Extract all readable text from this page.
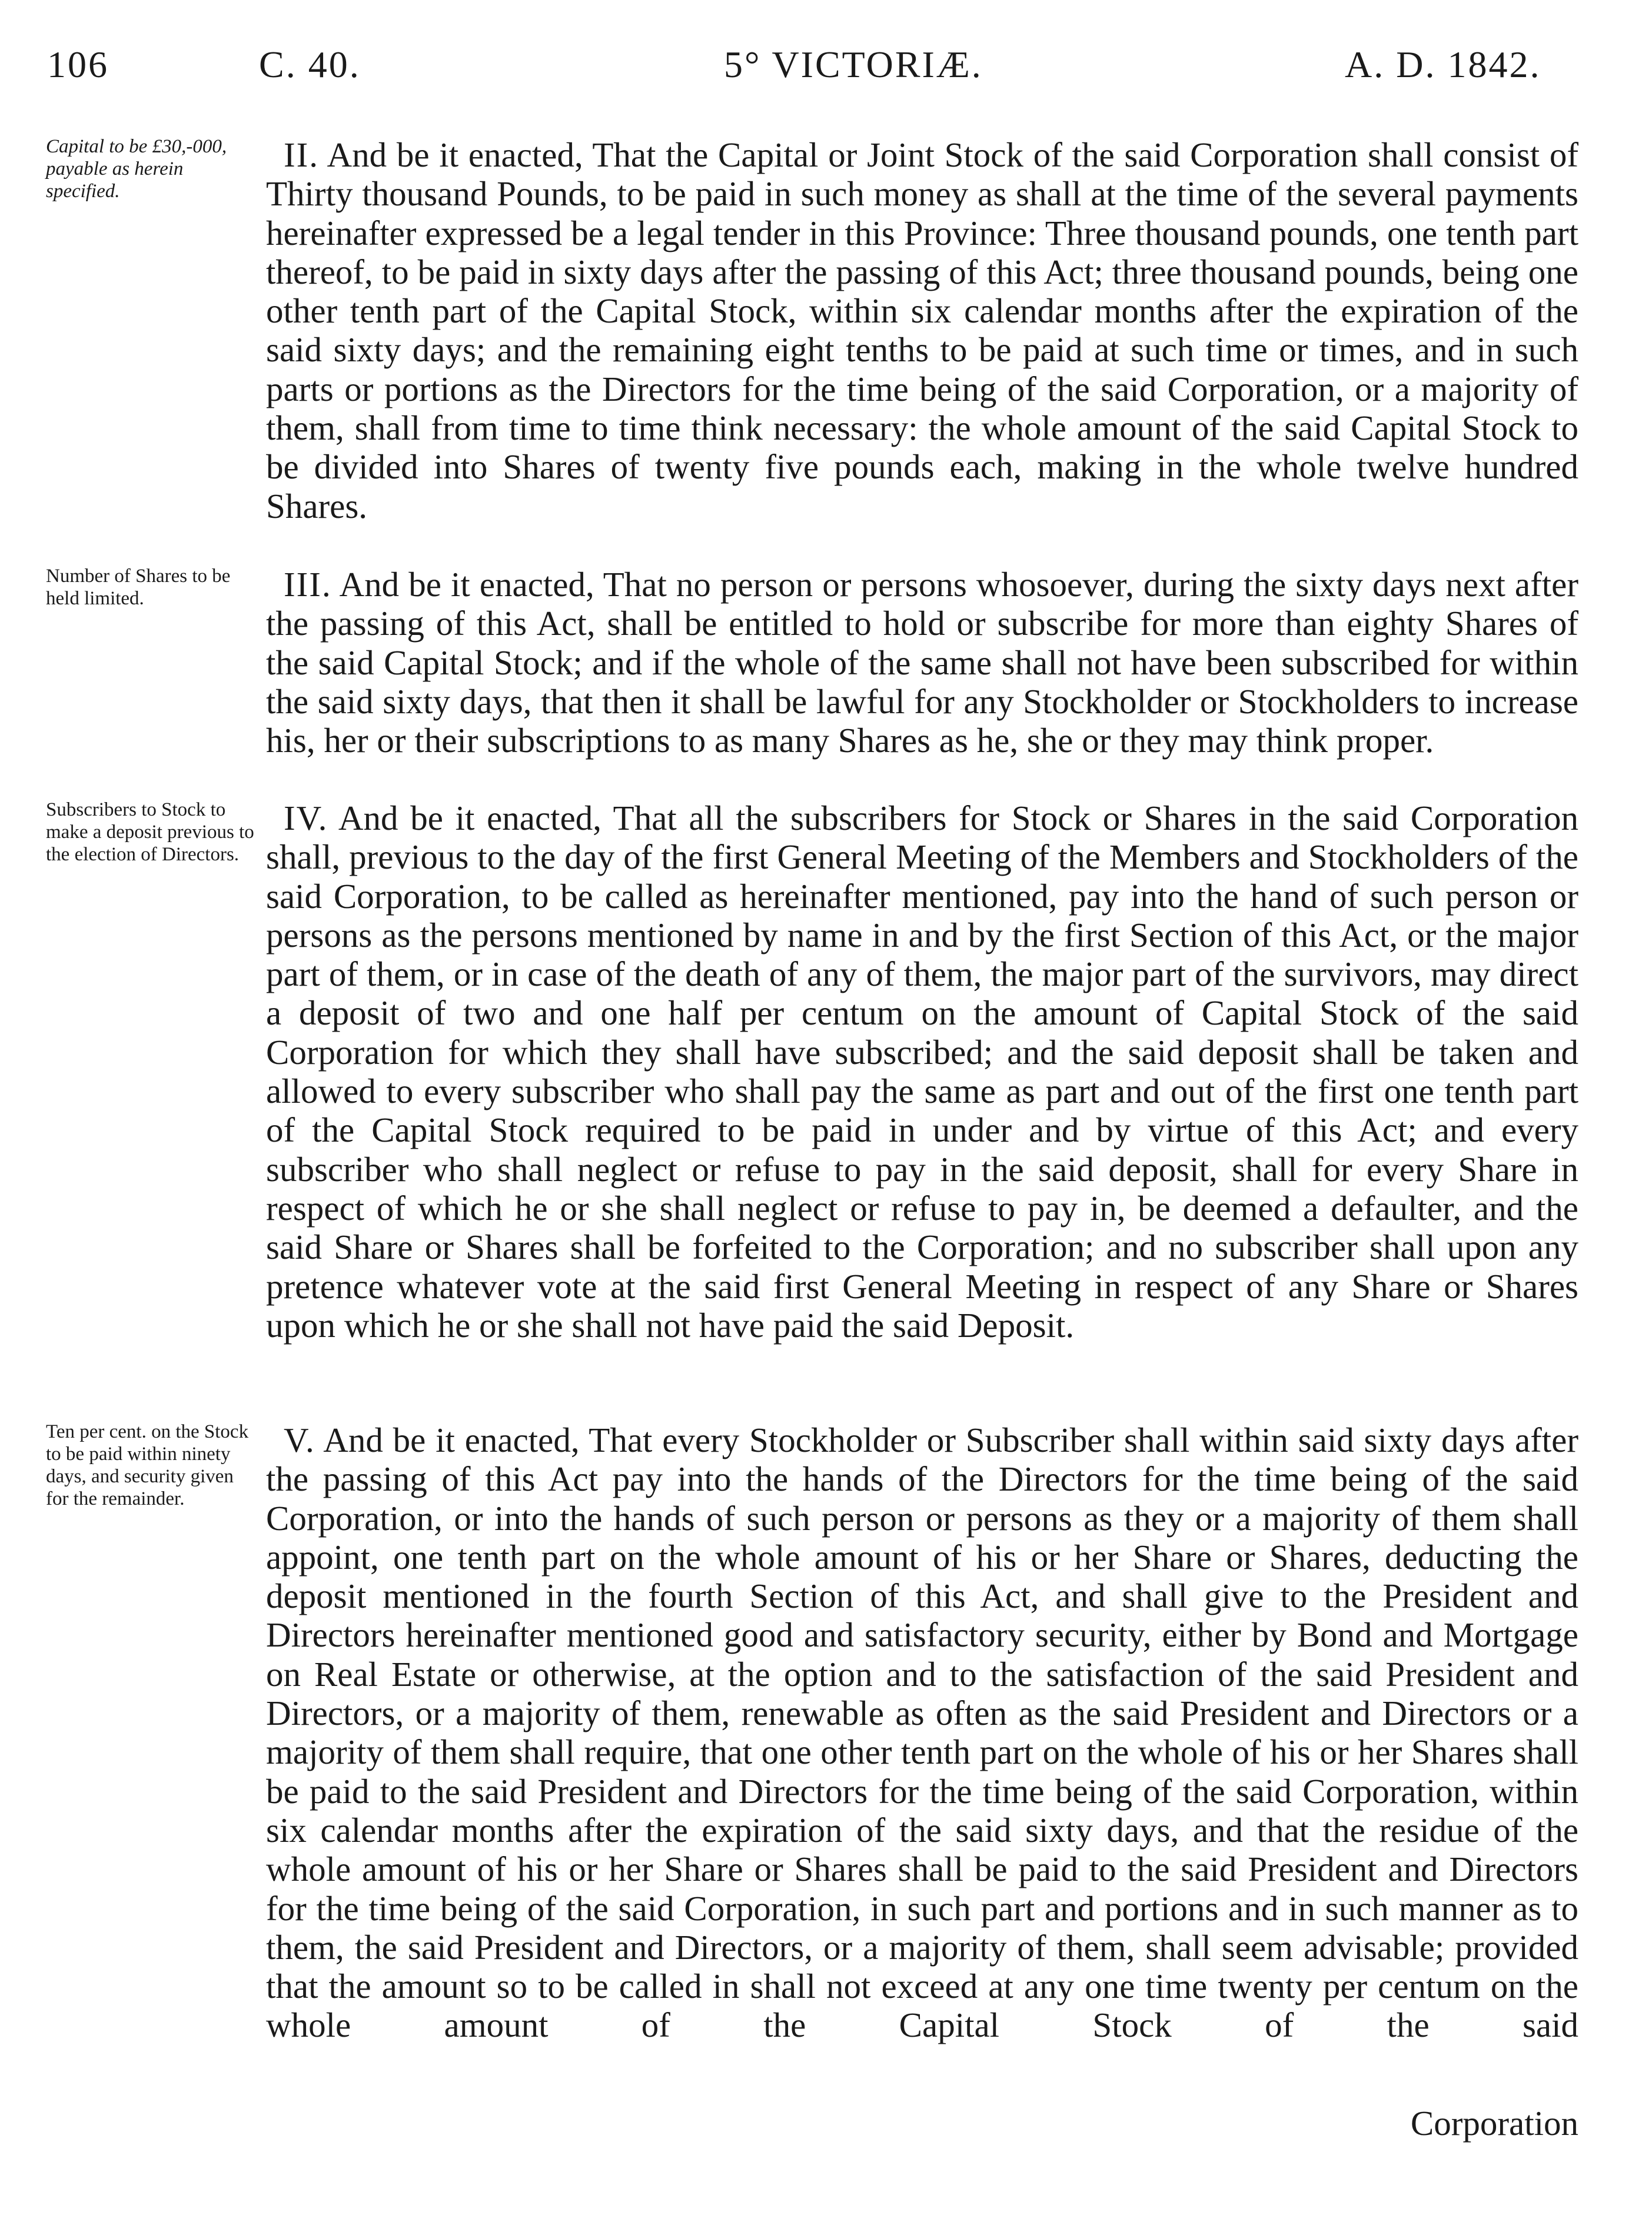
106	C. 40.	5° VICTORIÆ.	A. D. 1842.
Capital to be £30,-000, payable as herein specified.
II. And be it enacted, That the Capital or Joint Stock of the said Corporation shall consist of Thirty thousand Pounds, to be paid in such money as shall at the time of the several payments hereinafter expressed be a legal tender in this Province: Three thousand pounds, one tenth part thereof, to be paid in sixty days after the passing of this Act; three thousand pounds, being one other tenth part of the Capital Stock, within six calendar months after the expiration of the said sixty days; and the remaining eight tenths to be paid at such time or times, and in such parts or portions as the Directors for the time being of the said Corporation, or a majority of them, shall from time to time think necessary: the whole amount of the said Capital Stock to be divided into Shares of twenty five pounds each, making in the whole twelve hundred Shares.
Number of Shares to be held limited.	III. And be it enacted, That no person or persons whosoever, during the sixty days next after the passing of this Act, shall be entitled to hold or subscribe for more than eighty Shares of the said Capital Stock; and if the whole of the same shall not have been subscribed for within the said sixty days, that then it shall be lawful for any Stockholder or Stockholders to increase his, her or their subscriptions to as many Shares as he, she or they may think proper.
Subscribers to Stock to make a deposit previous to the election of Directors.
IV. And be it enacted, That all the subscribers for Stock or Shares in the said Corporation shall, previous to the day of the first General Meeting of the Members and Stockholders of the said Corporation, to be called as hereinafter mentioned, pay into the hand of such person or persons as the persons mentioned by name in and by the first Section of this Act, or the major part of them, or in case of the death of any of them, the major part of the survivors, may direct a deposit of two and one half per centum on the amount of Capital Stock of the said Corporation for which they shall have subscribed; and the said deposit shall be taken and allowed to every subscriber who shall pay the same as part and out of the first one tenth part of the Capital Stock required to be paid in under and by virtue of this Act; and every subscriber who shall neglect or refuse to pay in the said deposit, shall for every Share in respect of which he or she shall neglect or refuse to pay in, be deemed a defaulter, and the said Share or Shares shall be forfeited to the Corporation; and no subscriber shall upon any pretence whatever vote at the said first General Meeting in respect of any Share or Shares upon which he or she shall not have paid the said Deposit.
Ten per cent. on the Stock to be paid within ninety days, and security given for the remainder.
V. And be it enacted, That every Stockholder or Subscriber shall within said sixty days after the passing of this Act pay into the hands of the Directors for the time being of the said Corporation, or into the hands of such person or persons as they or a majority of them shall appoint, one tenth part on the whole amount of his or her Share or Shares, deducting the deposit mentioned in the fourth Section of this Act, and shall give to the President and Directors hereinafter mentioned good and satisfactory security, either by Bond and Mortgage on Real Estate or otherwise, at the option and to the satisfaction of the said President and Directors, or a majority of them, renewable as often as the said President and Directors or a majority of them shall require, that one other tenth part on the whole of his or her Shares shall be paid to the said President and Directors for the time being of the said Corporation, within six calendar months after the expiration of the said sixty days, and that the residue of the whole amount of his or her Share or Shares shall be paid to the said President and Directors for the time being of the said Corporation, in such part and portions and in such manner as to them, the said President and Directors, or a majority of them, shall seem advisable; provided that the amount so to be called in shall not exceed at any one time twenty per centum on the whole amount of the Capital Stock of the said
Corporation
